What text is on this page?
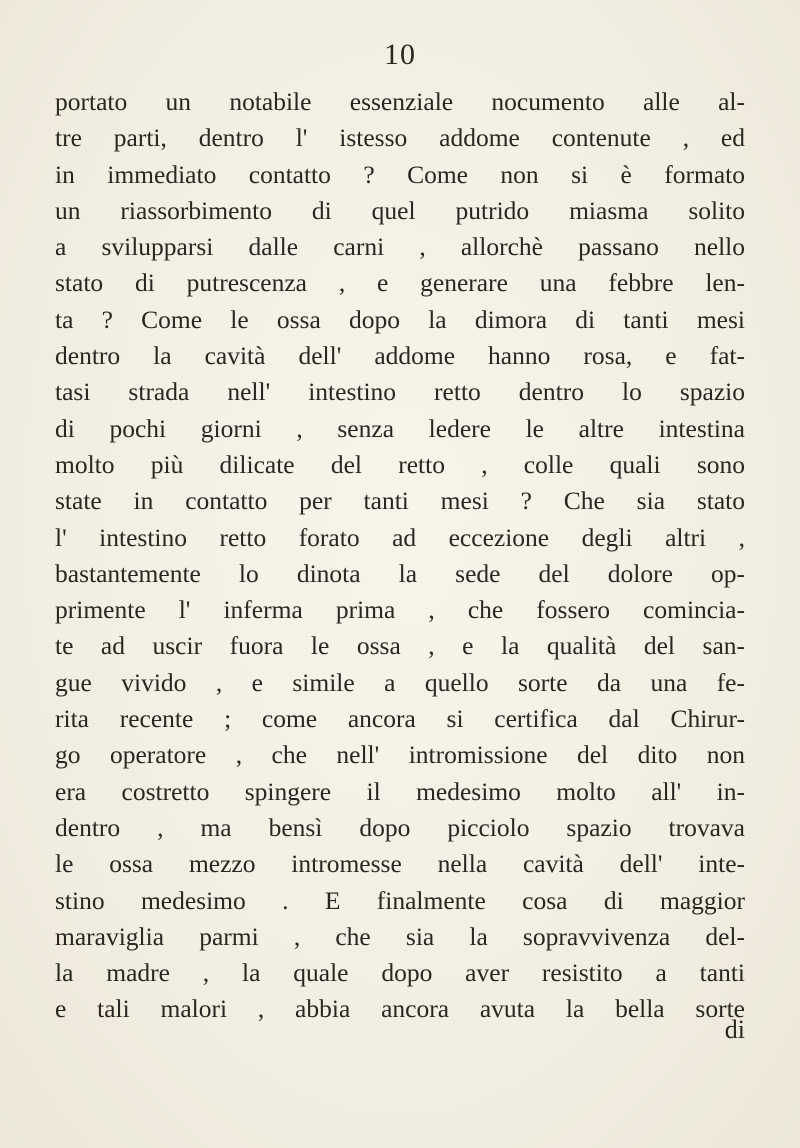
10
portato un notabile essenziale nocumento alle al-
tre parti, dentro l' istesso addome contenute , ed
in immediato contatto ? Come non si è formato
un riassorbimento di quel putrido miasma solito
a svilupparsi dalle carni , allorchè passano nello
stato di putrescenza , e generare una febbre len-
ta ? Come le ossa dopo la dimora di tanti mesi
dentro la cavità dell' addome hanno rosa, e fat-
tasi strada nell' intestino retto dentro lo spazio
di pochi giorni , senza ledere le altre intestina
molto più dilicate del retto , colle quali sono
state in contatto per tanti mesi ? Che sia stato
l' intestino retto forato ad eccezione degli altri ,
bastantemente lo dinota la sede del dolore op-
primente l' inferma prima , che fossero comincia-
te ad uscir fuora le ossa , e la qualità del san-
gue vivido , e simile a quello sorte da una fe-
rita recente ; come ancora si certifica dal Chirur-
go operatore , che nell' intromissione del dito non
era costretto spingere il medesimo molto all' in-
dentro , ma bensì dopo picciolo spazio trovava
le ossa mezzo intromesse nella cavità dell' inte-
stino medesimo . E finalmente cosa di maggior
maraviglia parmi , che sia la sopravvivenza del-
la madre , la quale dopo aver resistito a tanti
e tali malori , abbia ancora avuta la bella sorte
di
